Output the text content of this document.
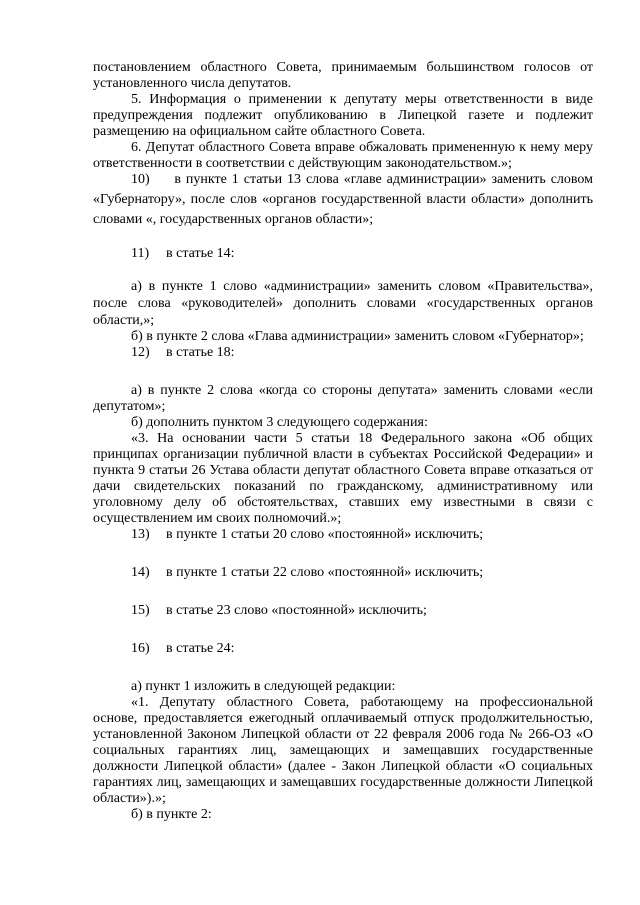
постановлением областного Совета, принимаемым большинством голосов от установленного числа депутатов.

5. Информация о применении к депутату меры ответственности в виде предупреждения подлежит опубликованию в Липецкой газете и подлежит размещению на официальном сайте областного Совета.

6. Депутат областного Совета вправе обжаловать примененную к нему меру ответственности в соответствии с действующим законодательством.»;

10) в пункте 1 статьи 13 слова «главе администрации» заменить словом «Губернатору», после слов «органов государственной власти области» дополнить словами «, государственных органов области»;

11) в статье 14:

а) в пункте 1 слово «администрации» заменить словом «Правительства», после слова «руководителей» дополнить словами «государственных органов области,»;

б) в пункте 2 слова «Глава администрации» заменить словом «Губернатор»;

12) в статье 18:

а) в пункте 2 слова «когда со стороны депутата» заменить словами «если депутатом»;

б) дополнить пунктом 3 следующего содержания:

«3. На основании части 5 статьи 18 Федерального закона «Об общих принципах организации публичной власти в субъектах Российской Федерации» и пункта 9 статьи 26 Устава области депутат областного Совета вправе отказаться от дачи свидетельских показаний по гражданскому, административному или уголовному делу об обстоятельствах, ставших ему известными в связи с осуществлением им своих полномочий.»;

13) в пункте 1 статьи 20 слово «постоянной» исключить;
14) в пункте 1 статьи 22 слово «постоянной» исключить;
15) в статье 23 слово «постоянной» исключить;
16) в статье 24:

а) пункт 1 изложить в следующей редакции:

«1. Депутату областного Совета, работающему на профессиональной основе, предоставляется ежегодный оплачиваемый отпуск продолжительностью, установленной Законом Липецкой области от 22 февраля 2006 года № 266-ОЗ «О социальных гарантиях лиц, замещающих и замещавших государственные должности Липецкой области» (далее - Закон Липецкой области «О социальных гарантиях лиц, замещающих и замещавших государственные должности Липецкой области»).»;

б) в пункте 2:
